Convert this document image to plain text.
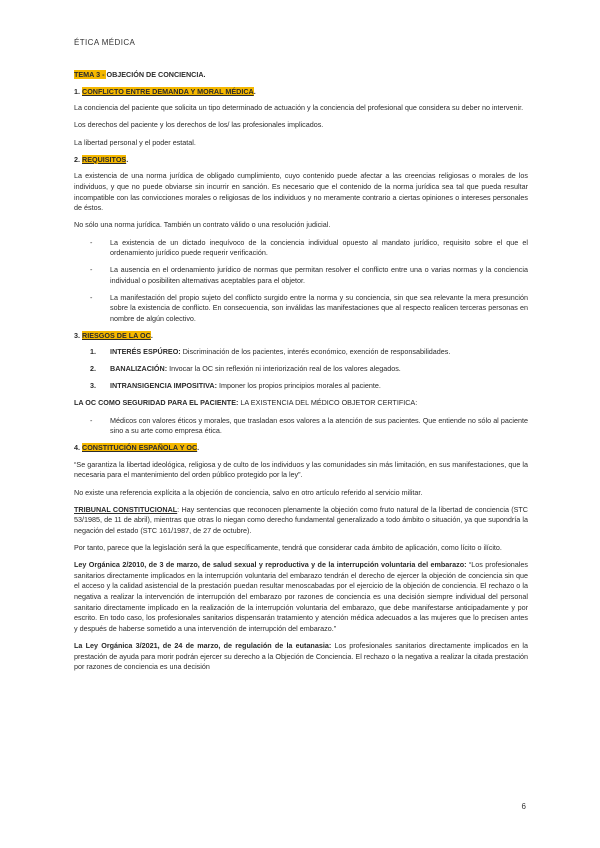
ÉTICA MÉDICA
TEMA 3 - OBJECIÓN DE CONCIENCIA.
1. CONFLICTO ENTRE DEMANDA Y MORAL MÉDICA.

La conciencia del paciente que solicita un tipo determinado de actuación y la conciencia del profesional que considera su deber no intervenir.

Los derechos del paciente y los derechos de los/ las profesionales implicados.

La libertad personal y el poder estatal.

2. REQUISITOS.

La existencia de una norma jurídica de obligado cumplimiento, cuyo contenido puede afectar a las creencias religiosas o morales de los individuos, y que no puede obviarse sin incurrir en sanción. Es necesario que el contenido de la norma jurídica sea tal que pueda resultar incompatible con las convicciones morales o religiosas de los individuos y no meramente contrario a ciertas opiniones o intereses personales de éstos.

No sólo una norma jurídica. También un contrato válido o una resolución judicial.

- La existencia de un dictado inequívoco de la conciencia individual opuesto al mandato jurídico, requisito sobre el que el ordenamiento jurídico puede requerir verificación.
- La ausencia en el ordenamiento jurídico de normas que permitan resolver el conflicto entre una o varias normas y la conciencia individual o posibiliten alternativas aceptables para el objetor.
- La manifestación del propio sujeto del conflicto surgido entre la norma y su conciencia, sin que sea relevante la mera presunción sobre la existencia de conflicto. En consecuencia, son inválidas las manifestaciones que al respecto realicen terceras personas en nombre de algún colectivo.
3. RIESGOS DE LA OC.
1. INTERÉS ESPÚREO: Discriminación de los pacientes, interés económico, exención de responsabilidades.
2. BANALIZACIÓN: Invocar la OC sin reflexión ni interiorización real de los valores alegados.
3. INTRANSIGENCIA IMPOSITIVA: Imponer los propios principios morales al paciente.

LA OC COMO SEGURIDAD PARA EL PACIENTE: LA EXISTENCIA DEL MÉDICO OBJETOR CERTIFICA:

- Médicos con valores éticos y morales, que trasladan esos valores a la atención de sus pacientes. Que entiende no sólo al paciente sino a su arte como empresa ética.
4. CONSTITUCIÓN ESPAÑOLA Y OC.

“Se garantiza la libertad ideológica, religiosa y de culto de los individuos y las comunidades sin más limitación, en sus manifestaciones, que la necesaria para el mantenimiento del orden público protegido por la ley”.

No existe una referencia explícita a la objeción de conciencia, salvo en otro artículo referido al servicio militar.

TRIBUNAL CONSTITUCIONAL: Hay sentencias que reconocen plenamente la objeción como fruto natural de la libertad de conciencia (STC 53/1985, de 11 de abril), mientras que otras lo niegan como derecho fundamental generalizado a todo ámbito o situación, ya que supondría la negación del estado (STC 161/1987, de 27 de octubre).

Por tanto, parece que la legislación será la que específicamente, tendrá que considerar cada ámbito de aplicación, como lícito o ilícito.

Ley Orgánica 2/2010, de 3 de marzo, de salud sexual y reproductiva y de la interrupción voluntaria del embarazo: “Los profesionales sanitarios directamente implicados en la interrupción voluntaria del embarazo tendrán el derecho de ejercer la objeción de conciencia sin que el acceso y la calidad asistencial de la prestación puedan resultar menoscabadas por el ejercicio de la objeción de conciencia. El rechazo o la negativa a realizar la intervención de interrupción del embarazo por razones de conciencia es una decisión siempre individual del personal sanitario directamente implicado en la realización de la interrupción voluntaria del embarazo, que debe manifestarse anticipadamente y por escrito. En todo caso, los profesionales sanitarios dispensarán tratamiento y atención médica adecuados a las mujeres que lo precisen antes y después de haberse sometido a una intervención de interrupción del embarazo.”

La Ley Orgánica 3/2021, de 24 de marzo, de regulación de la eutanasia: Los profesionales sanitarios directamente implicados en la prestación de ayuda para morir podrán ejercer su derecho a la Objeción de Conciencia. El rechazo o la negativa a realizar la citada prestación por razones de conciencia es una decisión

6
